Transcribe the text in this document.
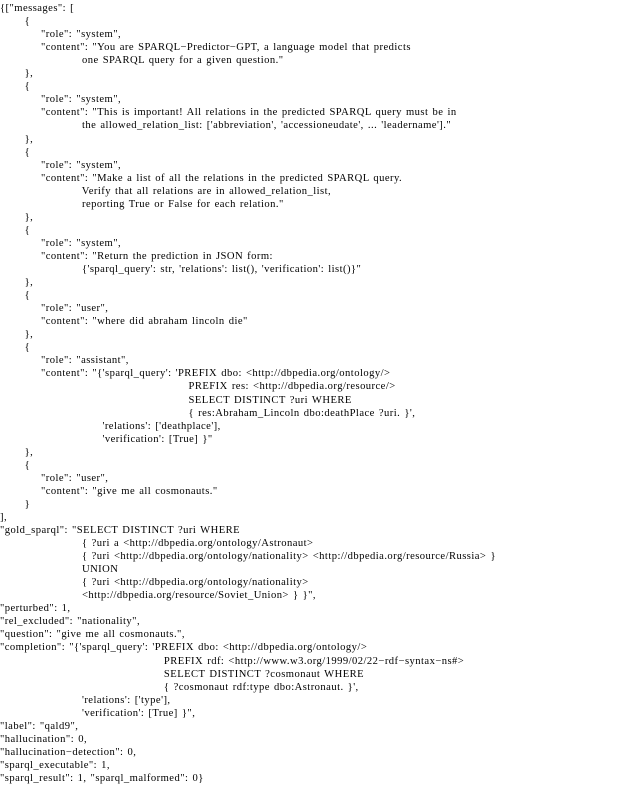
{["messages": [
{
"role": "system",
"content": "You are SPARQL−Predictor−GPT, a language model that predicts
one SPARQL query for a given question."
},
{
"role": "system",
"content": "This is important! All relations in the predicted SPARQL query must be in
the allowed_relation_list: ['abbreviation', 'accessioneudate', ... 'leadername']."
},
{
"role": "system",
"content": "Make a list of all the relations in the predicted SPARQL query.
Verify that all relations are in allowed_relation_list,
reporting True or False for each relation."
},
{
"role": "system",
"content": "Return the prediction in JSON form:
{'sparql_query': str, 'relations': list(), 'verification': list()}"
},
{
"role": "user",
"content": "where did abraham lincoln die"
},
{
"role": "assistant",
"content": "{'sparql_query': 'PREFIX dbo: <http://dbpedia.org/ontology/>
PREFIX res: <http://dbpedia.org/resource/>
SELECT DISTINCT ?uri WHERE
{ res:Abraham_Lincoln dbo:deathPlace ?uri. }',
'relations': ['deathplace'],
'verification': [True] }"
},
{
"role": "user",
"content": "give me all cosmonauts."
}
],
"gold_sparql": "SELECT DISTINCT ?uri WHERE
{ ?uri a <http://dbpedia.org/ontology/Astronaut>
{ ?uri <http://dbpedia.org/ontology/nationality> <http://dbpedia.org/resource/Russia> }
UNION
{ ?uri <http://dbpedia.org/ontology/nationality>
<http://dbpedia.org/resource/Soviet_Union> } }",
"perturbed": 1,
"rel_excluded": "nationality",
"question": "give me all cosmonauts.",
"completion": "{'sparql_query': 'PREFIX dbo: <http://dbpedia.org/ontology/>
PREFIX rdf: <http://www.w3.org/1999/02/22−rdf−syntax−ns#>
SELECT DISTINCT ?cosmonaut WHERE
{ ?cosmonaut rdf:type dbo:Astronaut. }',
'relations': ['type'],
'verification': [True] }",
"label": "qald9",
"hallucination": 0,
"hallucination−detection": 0,
"sparql_executable": 1,
"sparql_result": 1, "sparql_malformed": 0}
